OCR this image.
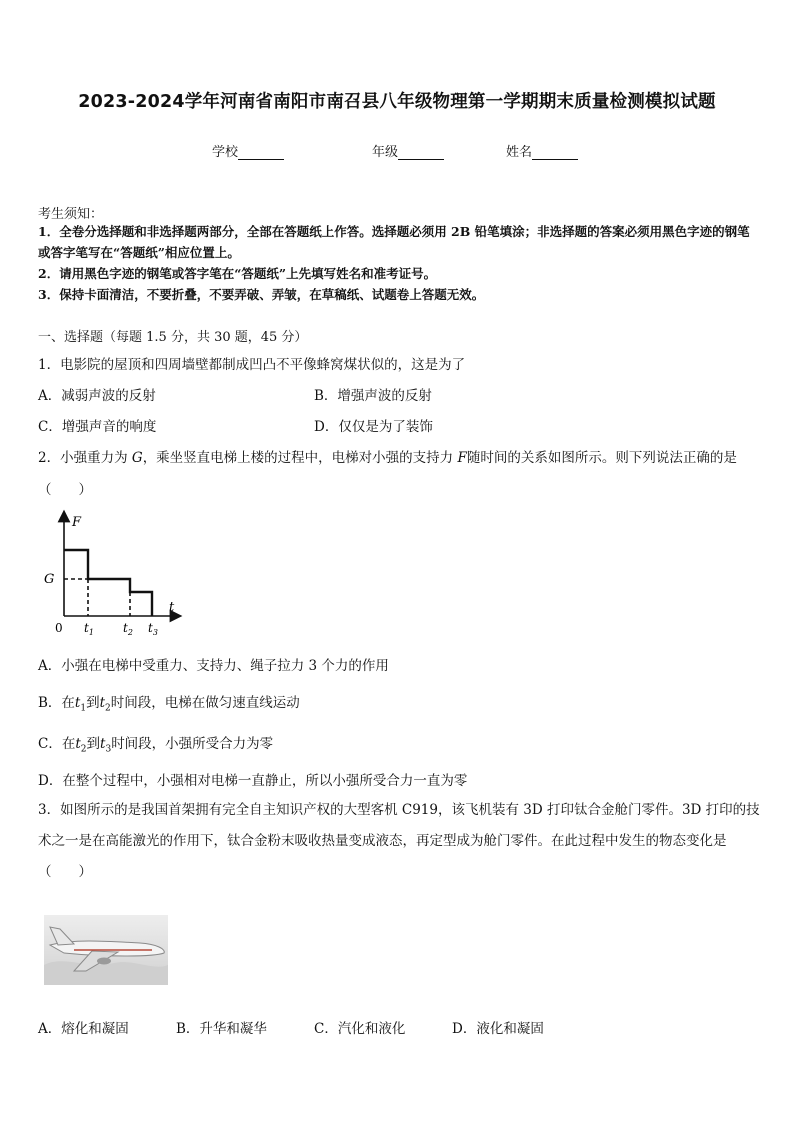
2023-2024学年河南省南阳市南召县八年级物理第一学期期末质量检测模拟试题
学校	年级	姓名
考生须知：
1．全卷分选择题和非选择题两部分，全部在答题纸上作答。选择题必须用 2B 铅笔填涂；非选择题的答案必须用黑色字迹的钢笔或答字笔写在“答题纸”相应位置上。
2．请用黑色字迹的钢笔或答字笔在“答题纸”上先填写姓名和准考证号。
3．保持卡面清洁，不要折叠，不要弄破、弄皱，在草稿纸、试题卷上答题无效。
一、选择题（每题 1.5 分，共 30 题，45 分）
1．电影院的屋顶和四周墙壁都制成凹凸不平像蜂窝煤状似的，这是为了
A．减弱声波的反射	B．增强声波的反射
C．增强声音的响度	D．仅仅是为了装饰
2．小强重力为 G，乘坐竖直电梯上楼的过程中，电梯对小强的支持力 F随时间的关系如图所示。则下列说法正确的是
（　　）
F
t
0
G
$t_1$ $t_2$ $t_3$
A．小强在电梯中受重力、支持力、绳子拉力 3 个力的作用
B．在$t_1$到$t_2$时间段，电梯在做匀速直线运动
C．在$t_2$到$t_3$时间段，小强所受合力为零
D．在整个过程中，小强相对电梯一直静止，所以小强所受合力一直为零
3．如图所示的是我国首架拥有完全自主知识产权的大型客机 C919，该飞机装有 3D 打印钛合金舱门零件。3D 打印的技术之一是在高能激光的作用下，钛合金粉末吸收热量变成液态，再定型成为舱门零件。在此过程中发生的物态变化是（　　）
A．熔化和凝固	B．升华和凝华	C．汽化和液化	D．液化和凝固
